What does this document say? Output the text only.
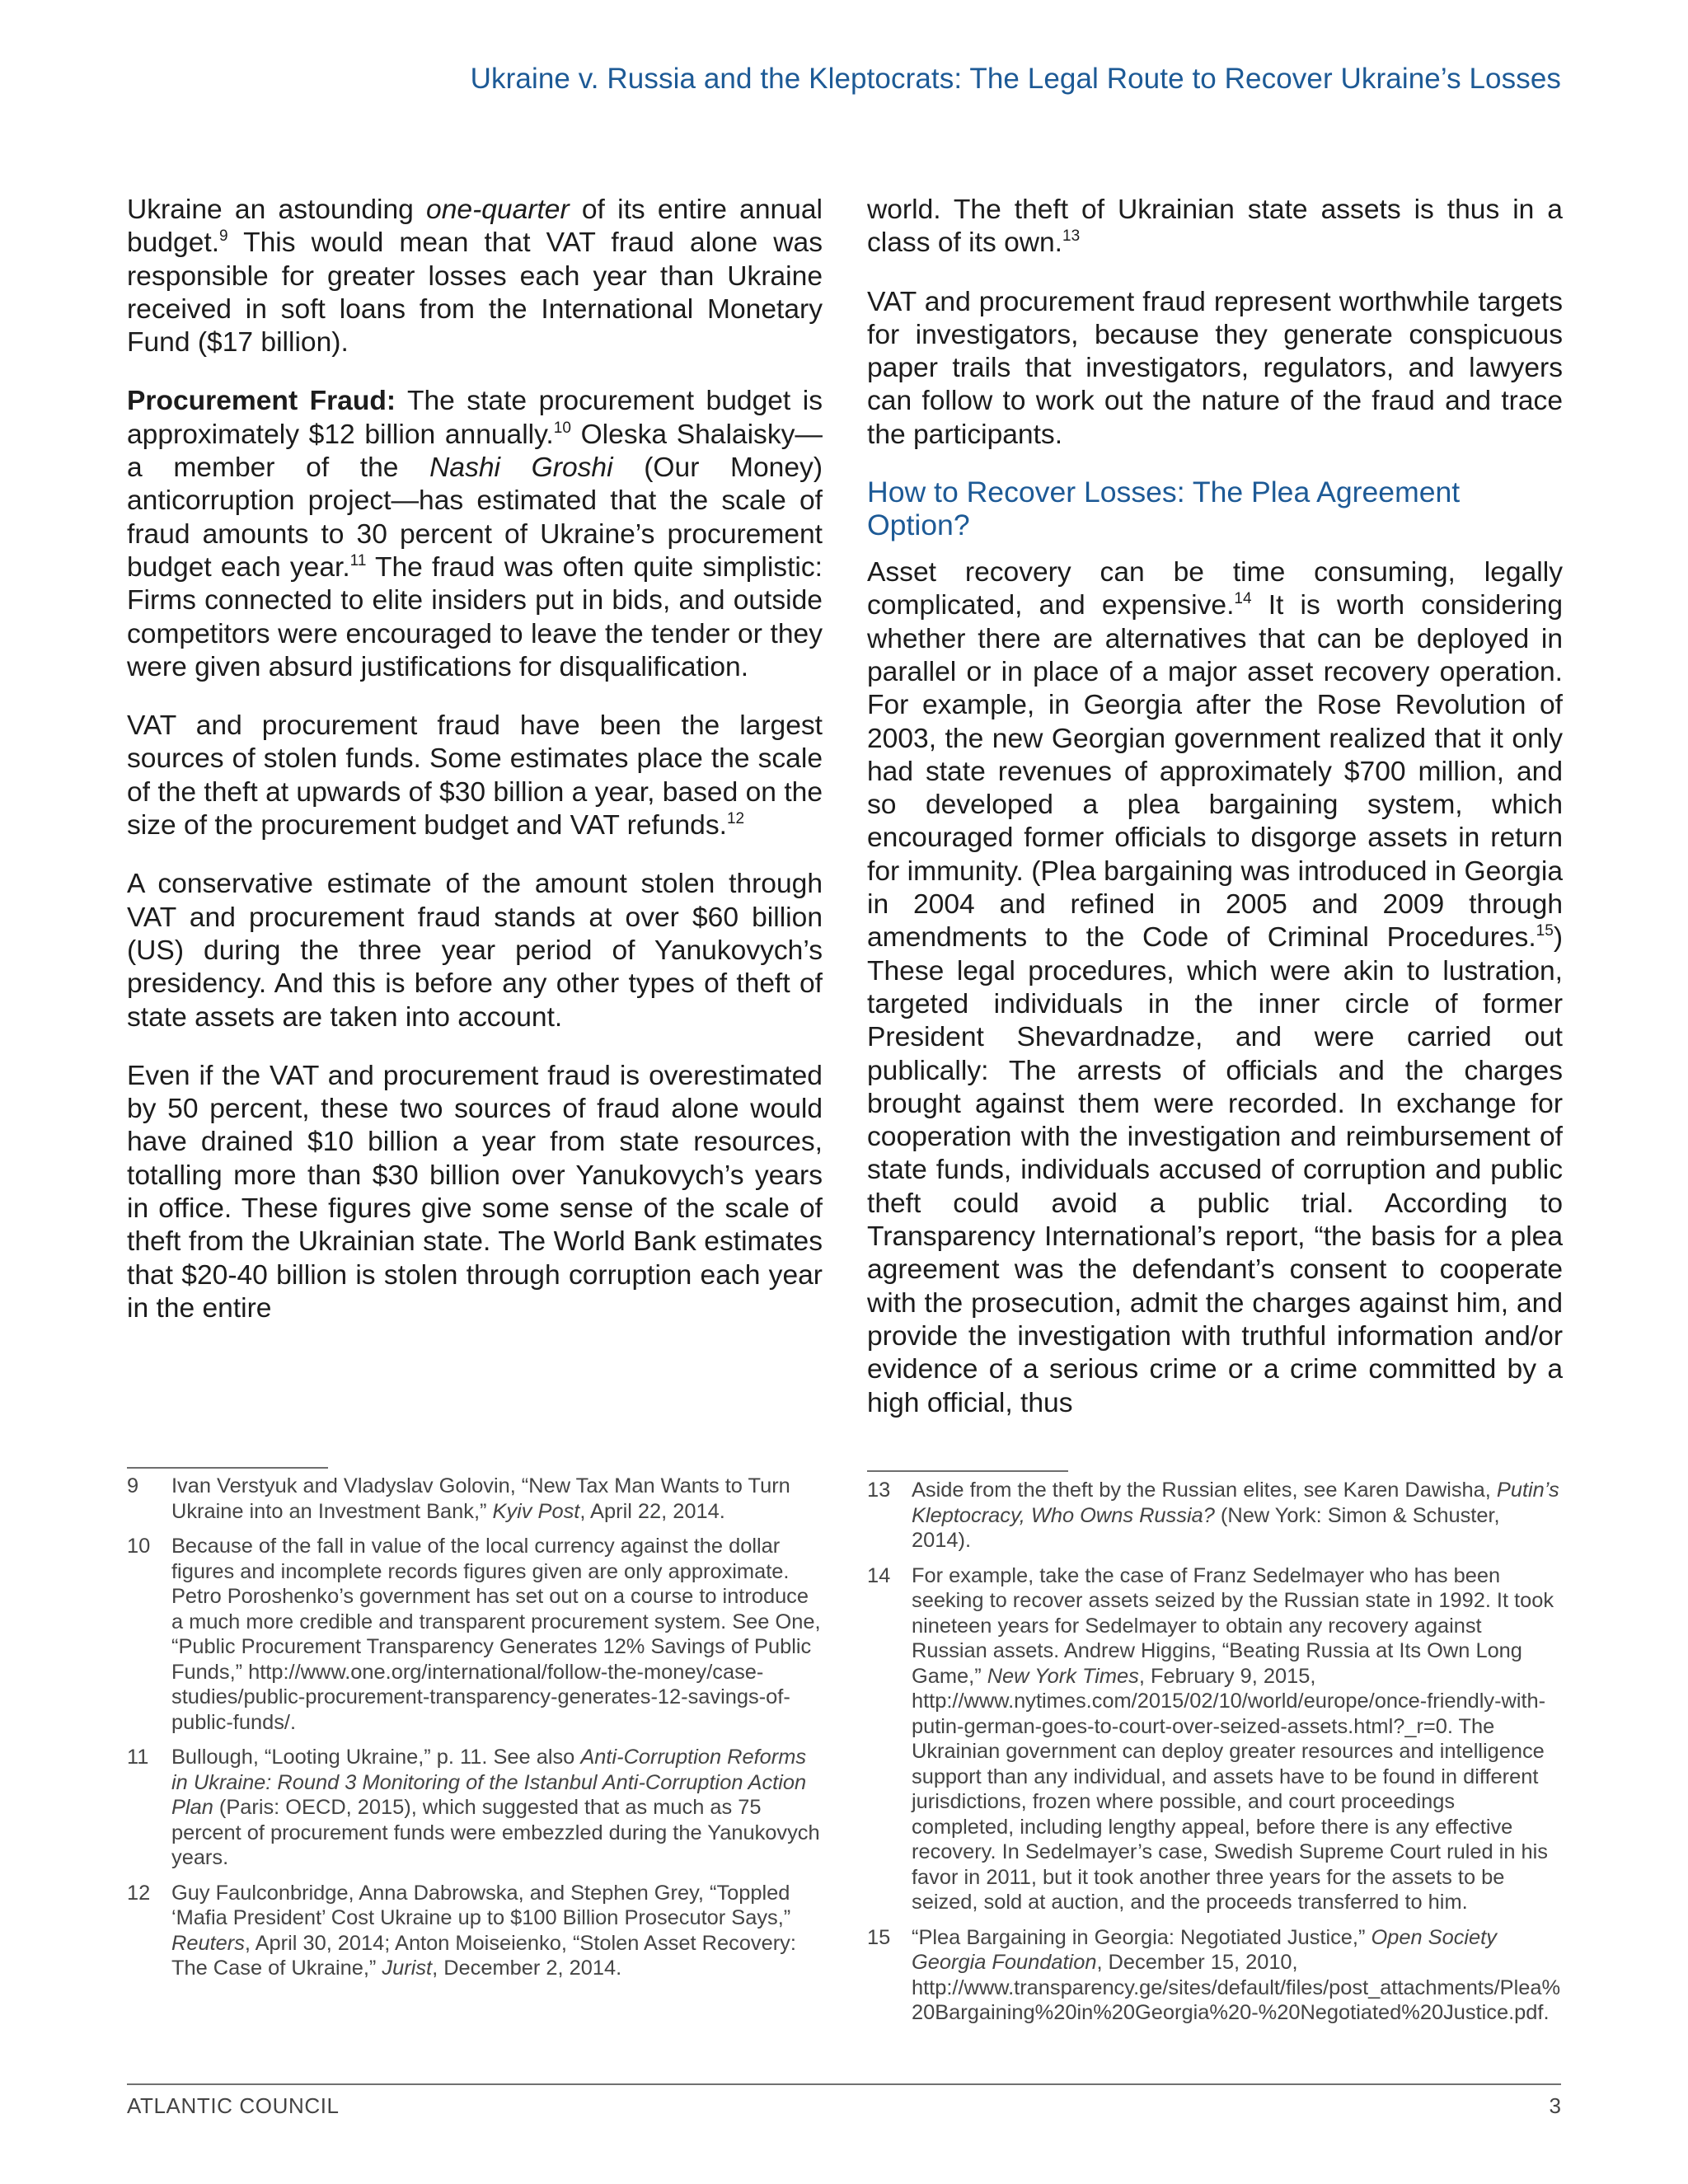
Ukraine v. Russia and the Kleptocrats: The Legal Route to Recover Ukraine’s Losses

Ukraine an astounding one-quarter of its entire annual budget.$^9$ This would mean that VAT fraud alone was responsible for greater losses each year than Ukraine received in soft loans from the International Monetary Fund ($17 billion).

Procurement Fraud: The state procurement budget is approximately $12 billion annually.$^{10}$ Oleska Shalaisky—a member of the Nashi Groshi (Our Money) anticorruption project—has estimated that the scale of fraud amounts to 30 percent of Ukraine’s procurement budget each year.$^{11}$ The fraud was often quite simplistic: Firms connected to elite insiders put in bids, and outside competitors were encouraged to leave the tender or they were given absurd justifications for disqualification.

VAT and procurement fraud have been the largest sources of stolen funds. Some estimates place the scale of the theft at upwards of $30 billion a year, based on the size of the procurement budget and VAT refunds.$^{12}$

A conservative estimate of the amount stolen through VAT and procurement fraud stands at over $60 billion (US) during the three year period of Yanukovych’s presidency. And this is before any other types of theft of state assets are taken into account.

Even if the VAT and procurement fraud is overestimated by 50 percent, these two sources of fraud alone would have drained $10 billion a year from state resources, totalling more than $30 billion over Yanukovych’s years in office. These figures give some sense of the scale of theft from the Ukrainian state. The World Bank estimates that $20-40 billion is stolen through corruption each year in the entire

world. The theft of Ukrainian state assets is thus in a class of its own.$^{13}$

VAT and procurement fraud represent worthwhile targets for investigators, because they generate conspicuous paper trails that investigators, regulators, and lawyers can follow to work out the nature of the fraud and trace the participants.

How to Recover Losses: The Plea Agreement Option?

Asset recovery can be time consuming, legally complicated, and expensive.$^{14}$ It is worth considering whether there are alternatives that can be deployed in parallel or in place of a major asset recovery operation. For example, in Georgia after the Rose Revolution of 2003, the new Georgian government realized that it only had state revenues of approximately $700 million, and so developed a plea bargaining system, which encouraged former officials to disgorge assets in return for immunity. (Plea bargaining was introduced in Georgia in 2004 and refined in 2005 and 2009 through amendments to the Code of Criminal Procedures.$^{15}$) These legal procedures, which were akin to lustration, targeted individuals in the inner circle of former President Shevardnadze, and were carried out publically: The arrests of officials and the charges brought against them were recorded. In exchange for cooperation with the investigation and reimbursement of state funds, individuals accused of corruption and public theft could avoid a public trial. According to Transparency International’s report, “the basis for a plea agreement was the defendant’s consent to cooperate with the prosecution, admit the charges against him, and provide the investigation with truthful information and/or evidence of a serious crime or a crime committed by a high official, thus

9	Ivan Verstyuk and Vladyslav Golovin, “New Tax Man Wants to Turn Ukraine into an Investment Bank,” Kyiv Post, April 22, 2014.
10	Because of the fall in value of the local currency against the dollar figures and incomplete records figures given are only approximate. Petro Poroshenko’s government has set out on a course to introduce a much more credible and transparent procurement system. See One, “Public Procurement Transparency Generates 12% Savings of Public Funds,” http://www.one.org/international/follow-the-money/case-studies/public-procurement-transparency-generates-12-savings-of-public-funds/.
11	Bullough, “Looting Ukraine,” p. 11. See also Anti-Corruption Reforms in Ukraine: Round 3 Monitoring of the Istanbul Anti-Corruption Action Plan (Paris: OECD, 2015), which suggested that as much as 75 percent of procurement funds were embezzled during the Yanukovych years.
12	Guy Faulconbridge, Anna Dabrowska, and Stephen Grey, “Toppled ‘Mafia President’ Cost Ukraine up to $100 Billion Prosecutor Says,” Reuters, April 30, 2014; Anton Moiseienko, “Stolen Asset Recovery: The Case of Ukraine,” Jurist, December 2, 2014.
13	Aside from the theft by the Russian elites, see Karen Dawisha, Putin’s Kleptocracy, Who Owns Russia? (New York: Simon & Schuster, 2014).
14	For example, take the case of Franz Sedelmayer who has been seeking to recover assets seized by the Russian state in 1992. It took nineteen years for Sedelmayer to obtain any recovery against Russian assets. Andrew Higgins, “Beating Russia at Its Own Long Game,” New York Times, February 9, 2015, http://www.nytimes.com/2015/02/10/world/europe/once-friendly-with-putin-german-goes-to-court-over-seized-assets.html?_r=0. The Ukrainian government can deploy greater resources and intelligence support than any individual, and assets have to be found in different jurisdictions, frozen where possible, and court proceedings completed, including lengthy appeal, before there is any effective recovery. In Sedelmayer’s case, Swedish Supreme Court ruled in his favor in 2011, but it took another three years for the assets to be seized, sold at auction, and the proceeds transferred to him.
15	“Plea Bargaining in Georgia: Negotiated Justice,” Open Society Georgia Foundation, December 15, 2010, http://www.transparency.ge/sites/default/files/post_attachments/Plea%20Bargaining%20in%20Georgia%20-%20Negotiated%20Justice.pdf.
ATLANTIC COUNCIL	3
